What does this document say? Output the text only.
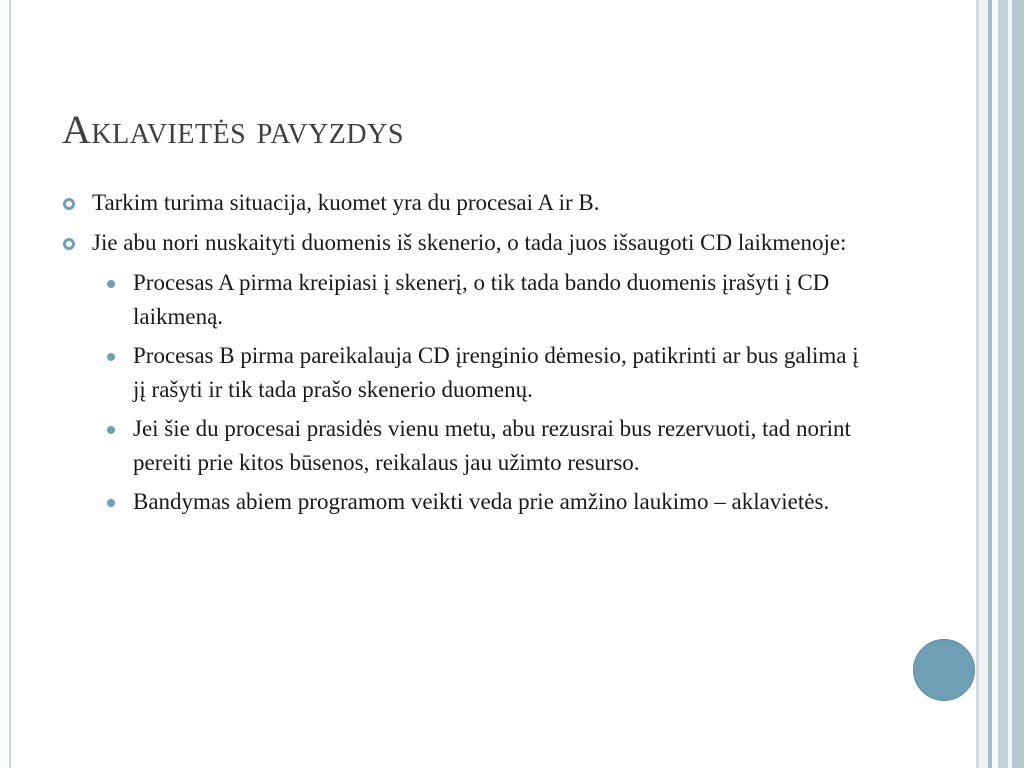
Aklavietės pavyzdys
Tarkim turima situacija, kuomet yra du procesai A ir B.
Jie abu nori nuskaityti duomenis iš skenerio, o tada juos išsaugoti CD laikmenoje:
Procesas A pirma kreipiasi į skenerį, o tik tada bando duomenis įrašyti į CD laikmeną.
Procesas B pirma pareikalauja CD įrenginio dėmesio, patikrinti ar bus galima į jį rašyti ir tik tada prašo skenerio duomenų.
Jei šie du procesai prasidės vienu metu, abu rezusrai bus rezervuoti, tad norint pereiti prie kitos būsenos, reikalaus jau užimto resurso.
Bandymas abiem programom veikti veda prie amžino laukimo – aklavietės.
